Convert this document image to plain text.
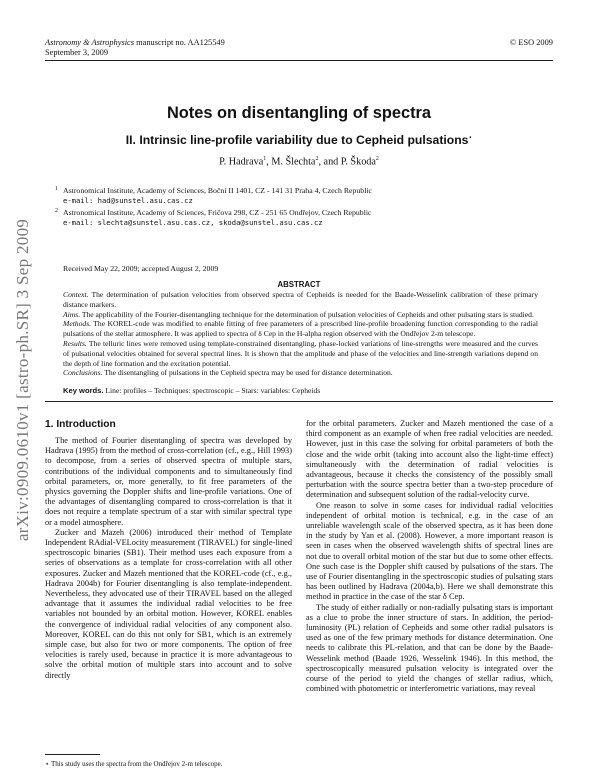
Astronomy & Astrophysics manuscript no. AA125549
September 3, 2009
© ESO 2009
arXiv:0909.0610v1 [astro-ph.SR] 3 Sep 2009
Notes on disentangling of spectra
II. Intrinsic line-profile variability due to Cepheid pulsations⋆
P. Hadrava$^1$, M. Šlechta$^2$, and P. Škoda$^2$
1 Astronomical Institute, Academy of Sciences, Boční II 1401, CZ - 141 31 Praha 4, Czech Republic
e-mail: had@sunstel.asu.cas.cz
2 Astronomical Institute, Academy of Sciences, Fričova 298, CZ - 251 65 Ondřejov, Czech Republic
e-mail: slechta@sunstel.asu.cas.cz, skoda@sunstel.asu.cas.cz
Received May 22, 2009; accepted August 2, 2009
ABSTRACT

Context. The determination of pulsation velocities from observed spectra of Cepheids is needed for the Baade-Wesselink calibration of these primary distance markers.

Aims. The applicability of the Fourier-disentangling technique for the determination of pulsation velocities of Cepheids and other pulsating stars is studied.

Methods. The KOREL-code was modified to enable fitting of free parameters of a prescribed line-profile broadening function corresponding to the radial pulsations of the stellar atmosphere. It was applied to spectra of δ Cep in the H-alpha region observed with the Ondřejov 2-m telescope.

Results. The telluric lines were removed using template-constrained disentangling, phase-locked variations of line-strengths were measured and the curves of pulsational velocities obtained for several spectral lines. It is shown that the amplitude and phase of the velocities and line-strength variations depend on the depth of line formation and the excitation potential.

Conclusions. The disentangling of pulsations in the Cepheid spectra may be used for distance determination.

Key words. Line: profiles – Techniques: spectroscopic – Stars: variables: Cepheids
1. Introduction

The method of Fourier disentangling of spectra was developed by Hadrava (1995) from the method of cross-correlation (cf., e.g., Hill 1993) to decompose, from a series of observed spectra of multiple stars, contributions of the individual components and to simultaneously find orbital parameters, or, more generally, to fit free parameters of the physics governing the Doppler shifts and line-profile variations. One of the advantages of disentangling compared to cross-correlation is that it does not require a template spectrum of a star with similar spectral type or a model atmosphere.

Zucker and Mazeh (2006) introduced their method of Template Independent RAdial-VELocity measurement (TIRAVEL) for single-lined spectroscopic binaries (SB1). Their method uses each exposure from a series of observations as a template for cross-correlation with all other exposures. Zucker and Mazeh mentioned that the KOREL-code (cf., e.g., Hadrava 2004b) for Fourier disentangling is also template-independent. Nevertheless, they advocated use of their TIRAVEL based on the alleged advantage that it assumes the individual radial velocities to be free variables not bounded by an orbital motion. However, KOREL enables the convergence of individual radial velocities of any component also. Moreover, KOREL can do this not only for SB1, which is an extremely simple case, but also for two or more components. The option of free velocities is rarely used, because in practice it is more advantageous to solve the orbital motion of multiple stars into account and to solve directly

for the orbital parameters. Zucker and Mazeh mentioned the case of a third component as an example of when free radial velocities are needed. However, just in this case the solving for orbital parameters of both the close and the wide orbit (taking into account also the light-time effect) simultaneously with the determination of radial velocities is advantageous, because it checks the consistency of the possibly small perturbation with the source spectra better than a two-step procedure of determination and subsequent solution of the radial-velocity curve.

One reason to solve in some cases for individual radial velocities independent of orbital motion is technical, e.g. in the case of an unreliable wavelength scale of the observed spectra, as it has been done in the study by Yan et al. (2008). However, a more important reason is seen in cases when the observed wavelength shifts of spectral lines are not due to overall orbital motion of the star but due to some other effects. One such case is the Doppler shift caused by pulsations of the stars. The use of Fourier disentangling in the spectroscopic studies of pulsating stars has been outlined by Hadrava (2004a,b). Here we shall demonstrate this method in practice in the case of the star δ Cep.

The study of either radially or non-radially pulsating stars is important as a clue to probe the inner structure of stars. In addition, the period-luminosity (PL) relation of Cepheids and some other radial pulsators is used as one of the few primary methods for distance determination. One needs to calibrate this PL-relation, and that can be done by the Baade-Wesselink method (Baade 1926, Wesselink 1946). In this method, the spectroscopically measured pulsation velocity is integrated over the course of the period to yield the changes of stellar radius, which, combined with photometric or interferometric variations, may reveal

⋆ This study uses the spectra from the Ondřejov 2-m telescope.
